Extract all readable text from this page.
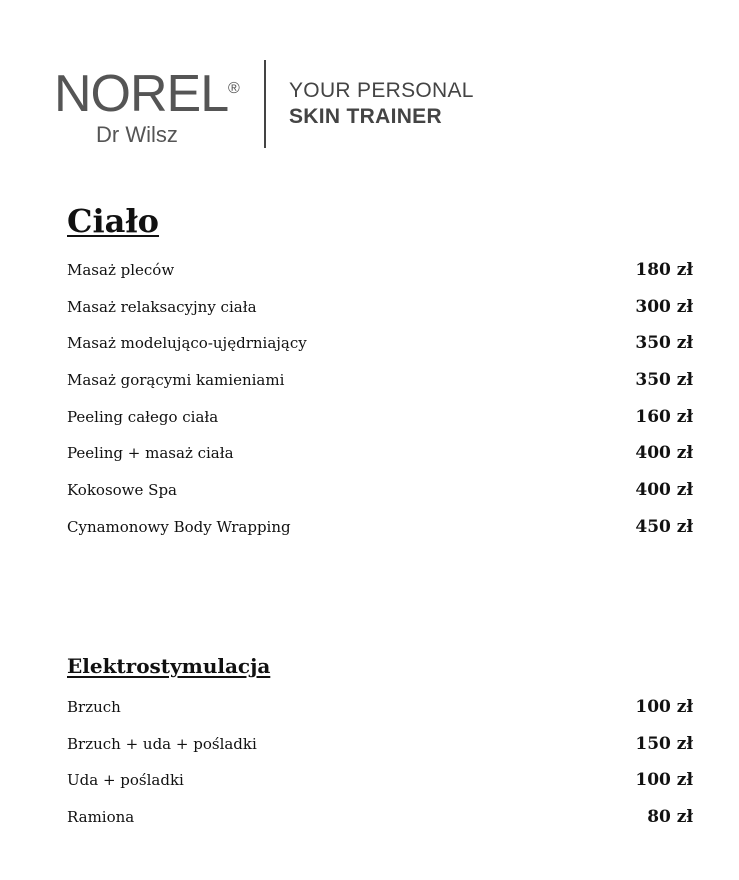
NOREL ®
Dr Wilsz
YOUR PERSONAL
SKIN TRAINER
Ciało
Masaż pleców	180 zł
Masaż relaksacyjny ciała	300 zł
Masaż modelująco-ujędrniający	350 zł
Masaż gorącymi kamieniami	350 zł
Peeling całego ciała	160 zł
Peeling + masaż ciała	400 zł
Kokosowe Spa	400 zł
Cynamonowy Body Wrapping	450 zł
Elektrostymulacja
Brzuch	100 zł
Brzuch + uda + pośladki	150 zł
Uda + pośladki	100 zł
Ramiona	80 zł
